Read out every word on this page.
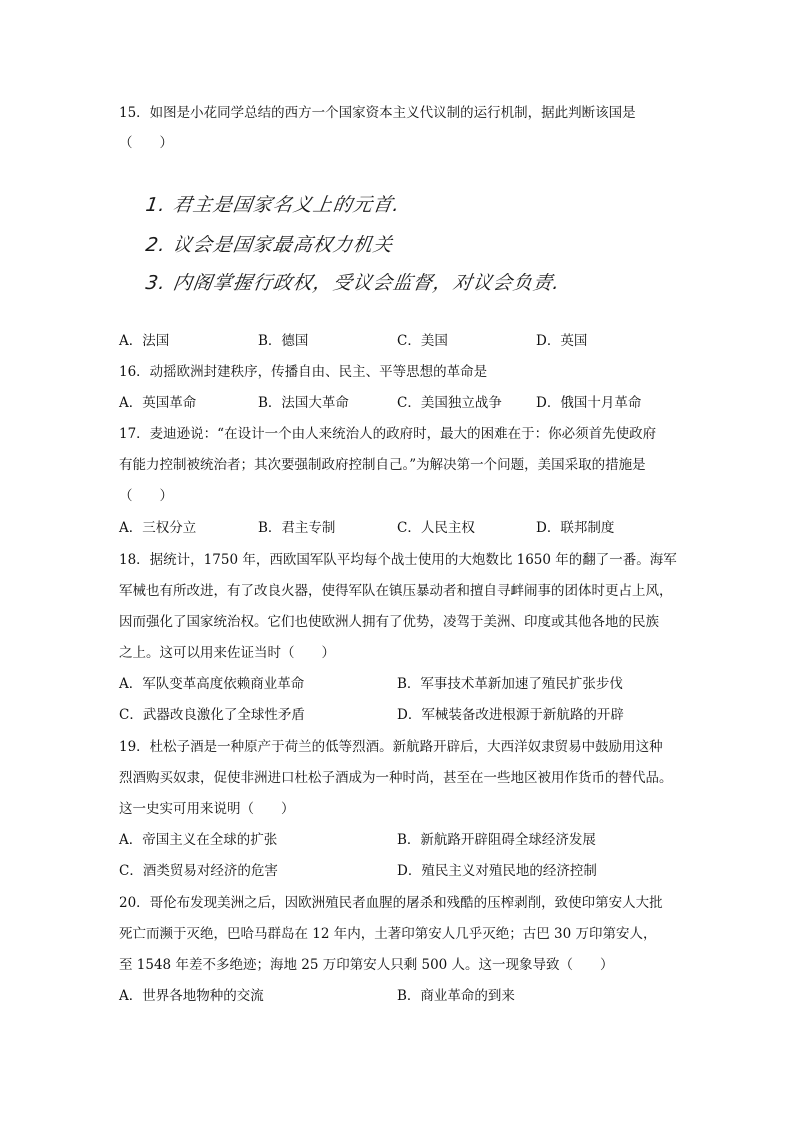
15．如图是小花同学总结的西方一个国家资本主义代议制的运行机制，据此判断该国是
（　　）
1. 君主是国家名义上的元首.
2. 议会是国家最高权力机关
3. 内阁掌握行政权，受议会监督，对议会负责.
A．法国	B．德国	C．美国	D．英国
16．动摇欧洲封建秩序，传播自由、民主、平等思想的革命是
A．英国革命	B．法国大革命	C．美国独立战争	D．俄国十月革命
17．麦迪逊说：“在设计一个由人来统治人的政府时，最大的困难在于：你必须首先使政府
有能力控制被统治者；其次要强制政府控制自己。”为解决第一个问题，美国采取的措施是
（　　）
A．三权分立	B．君主专制	C．人民主权	D．联邦制度
18．据统计，1750 年，西欧国军队平均每个战士使用的大炮数比 1650 年的翻了一番。海军
军械也有所改进，有了改良火器，使得军队在镇压暴动者和擅自寻衅闹事的团体时更占上风，
因而强化了国家统治权。它们也使欧洲人拥有了优势，凌驾于美洲、印度或其他各地的民族
之上。这可以用来佐证当时（　　）
A．军队变革高度依赖商业革命	B．军事技术革新加速了殖民扩张步伐
C．武器改良激化了全球性矛盾	D．军械装备改进根源于新航路的开辟
19．杜松子酒是一种原产于荷兰的低等烈酒。新航路开辟后，大西洋奴隶贸易中鼓励用这种
烈酒购买奴隶，促使非洲进口杜松子酒成为一种时尚，甚至在一些地区被用作货币的替代品。
这一史实可用来说明（　　）
A．帝国主义在全球的扩张	B．新航路开辟阻碍全球经济发展
C．酒类贸易对经济的危害	D．殖民主义对殖民地的经济控制
20．哥伦布发现美洲之后，因欧洲殖民者血腥的屠杀和残酷的压榨剥削，致使印第安人大批
死亡而濒于灭绝，巴哈马群岛在 12 年内，土著印第安人几乎灭绝；古巴 30 万印第安人，
至 1548 年差不多绝迹；海地 25 万印第安人只剩 500 人。这一现象导致（　　）
A．世界各地物种的交流	B．商业革命的到来
